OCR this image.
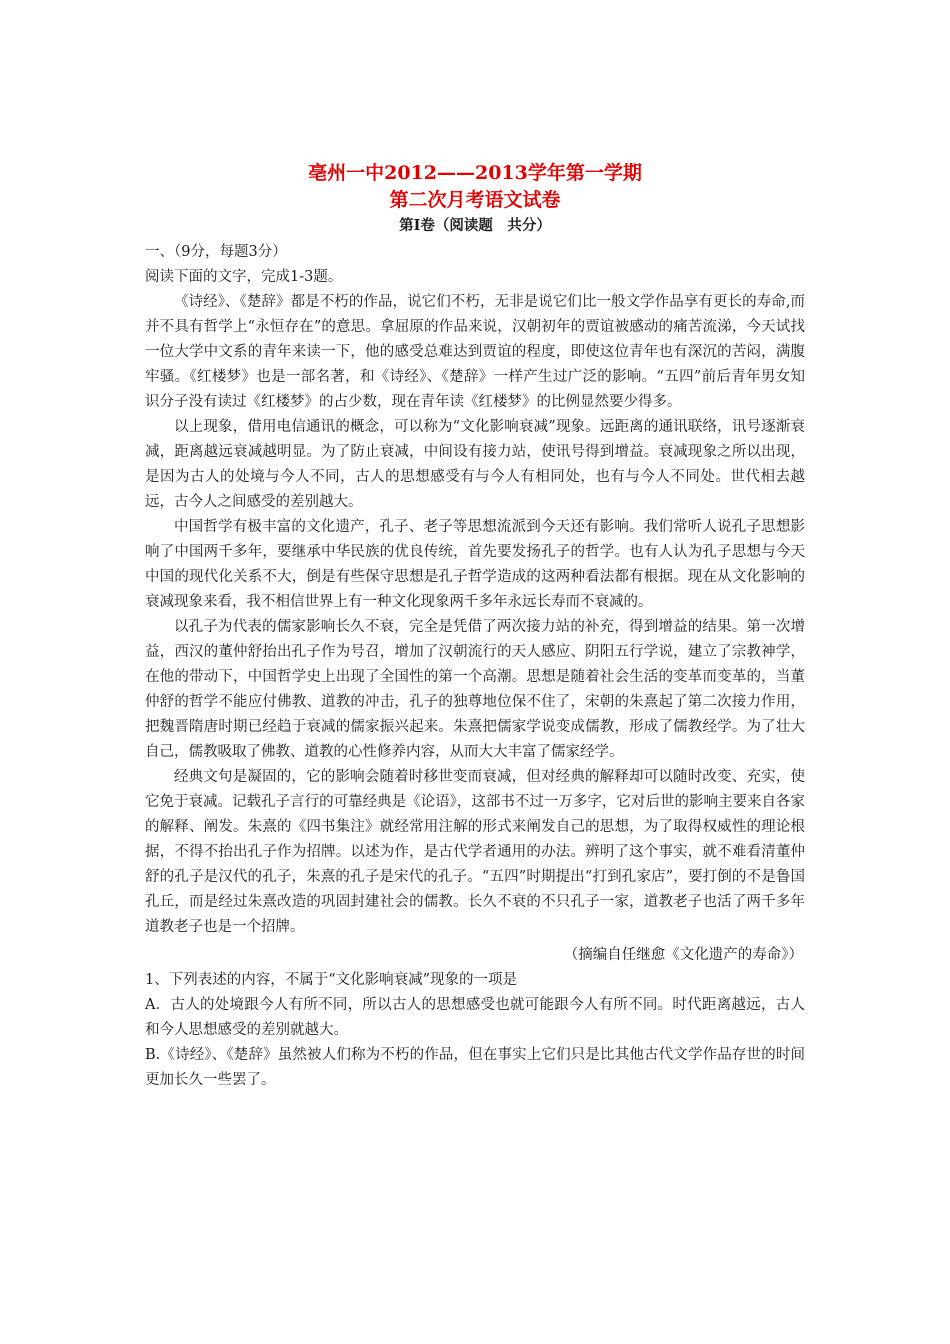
亳州一中2012——2013学年第一学期

第二次月考语文试卷

第Ⅰ卷（阅读题　共分）

一、（9分，每题3分）

阅读下面的文字，完成1-3题。

《诗经》、《楚辞》都是不朽的作品，说它们不朽，无非是说它们比一般文学作品享有更长的寿命,而并不具有哲学上“永恒存在”的意思。拿屈原的作品来说，汉朝初年的贾谊被感动的痛苦流涕，今天试找一位大学中文系的青年来读一下，他的感受总难达到贾谊的程度，即使这位青年也有深沉的苦闷，满腹牢骚。《红楼梦》也是一部名著，和《诗经》、《楚辞》一样产生过广泛的影响。“五四”前后青年男女知识分子没有读过《红楼梦》的占少数，现在青年读《红楼梦》的比例显然要少得多。

以上现象，借用电信通讯的概念，可以称为“文化影响衰减”现象。远距离的通讯联络，讯号逐渐衰减，距离越远衰减越明显。为了防止衰减，中间设有接力站，使讯号得到增益。衰减现象之所以出现，是因为古人的处境与今人不同，古人的思想感受有与今人有相同处，也有与今人不同处。世代相去越远，古今人之间感受的差别越大。

中国哲学有极丰富的文化遗产，孔子、老子等思想流派到今天还有影响。我们常听人说孔子思想影响了中国两千多年，要继承中华民族的优良传统，首先要发扬孔子的哲学。也有人认为孔子思想与今天中国的现代化关系不大，倒是有些保守思想是孔子哲学造成的这两种看法都有根据。现在从文化影响的衰减现象来看，我不相信世界上有一种文化现象两千多年永远长寿而不衰减的。

以孔子为代表的儒家影响长久不衰，完全是凭借了两次接力站的补充，得到增益的结果。第一次增益，西汉的董仲舒抬出孔子作为号召，增加了汉朝流行的天人感应、阴阳五行学说，建立了宗教神学，在他的带动下，中国哲学史上出现了全国性的第一个高潮。思想是随着社会生活的变革而变革的，当董仲舒的哲学不能应付佛教、道教的冲击，孔子的独尊地位保不住了，宋朝的朱熹起了第二次接力作用，把魏晋隋唐时期已经趋于衰减的儒家振兴起来。朱熹把儒家学说变成儒教，形成了儒教经学。为了壮大自己，儒教吸取了佛教、道教的心性修养内容，从而大大丰富了儒家经学。

经典文句是凝固的，它的影响会随着时移世变而衰减，但对经典的解释却可以随时改变、充实，使它免于衰减。记载孔子言行的可靠经典是《论语》，这部书不过一万多字，它对后世的影响主要来自各家的解释、阐发。朱熹的《四书集注》就经常用注解的形式来阐发自己的思想，为了取得权威性的理论根据，不得不抬出孔子作为招牌。以述为作，是古代学者通用的办法。辨明了这个事实，就不难看清董仲舒的孔子是汉代的孔子，朱熹的孔子是宋代的孔子。“五四”时期提出“打到孔家店”，要打倒的不是鲁国孔丘，而是经过朱熹改造的巩固封建社会的儒教。长久不衰的不只孔子一家，道教老子也活了两千多年道教老子也是一个招牌。

（摘编自任继愈《文化遗产的寿命》）

1、下列表述的内容，不属于“文化影响衰减”现象的一项是

A．古人的处境跟今人有所不同，所以古人的思想感受也就可能跟今人有所不同。时代距离越远，古人和今人思想感受的差别就越大。

B.《诗经》、《楚辞》虽然被人们称为不朽的作品，但在事实上它们只是比其他古代文学作品存世的时间更加长久一些罢了。
